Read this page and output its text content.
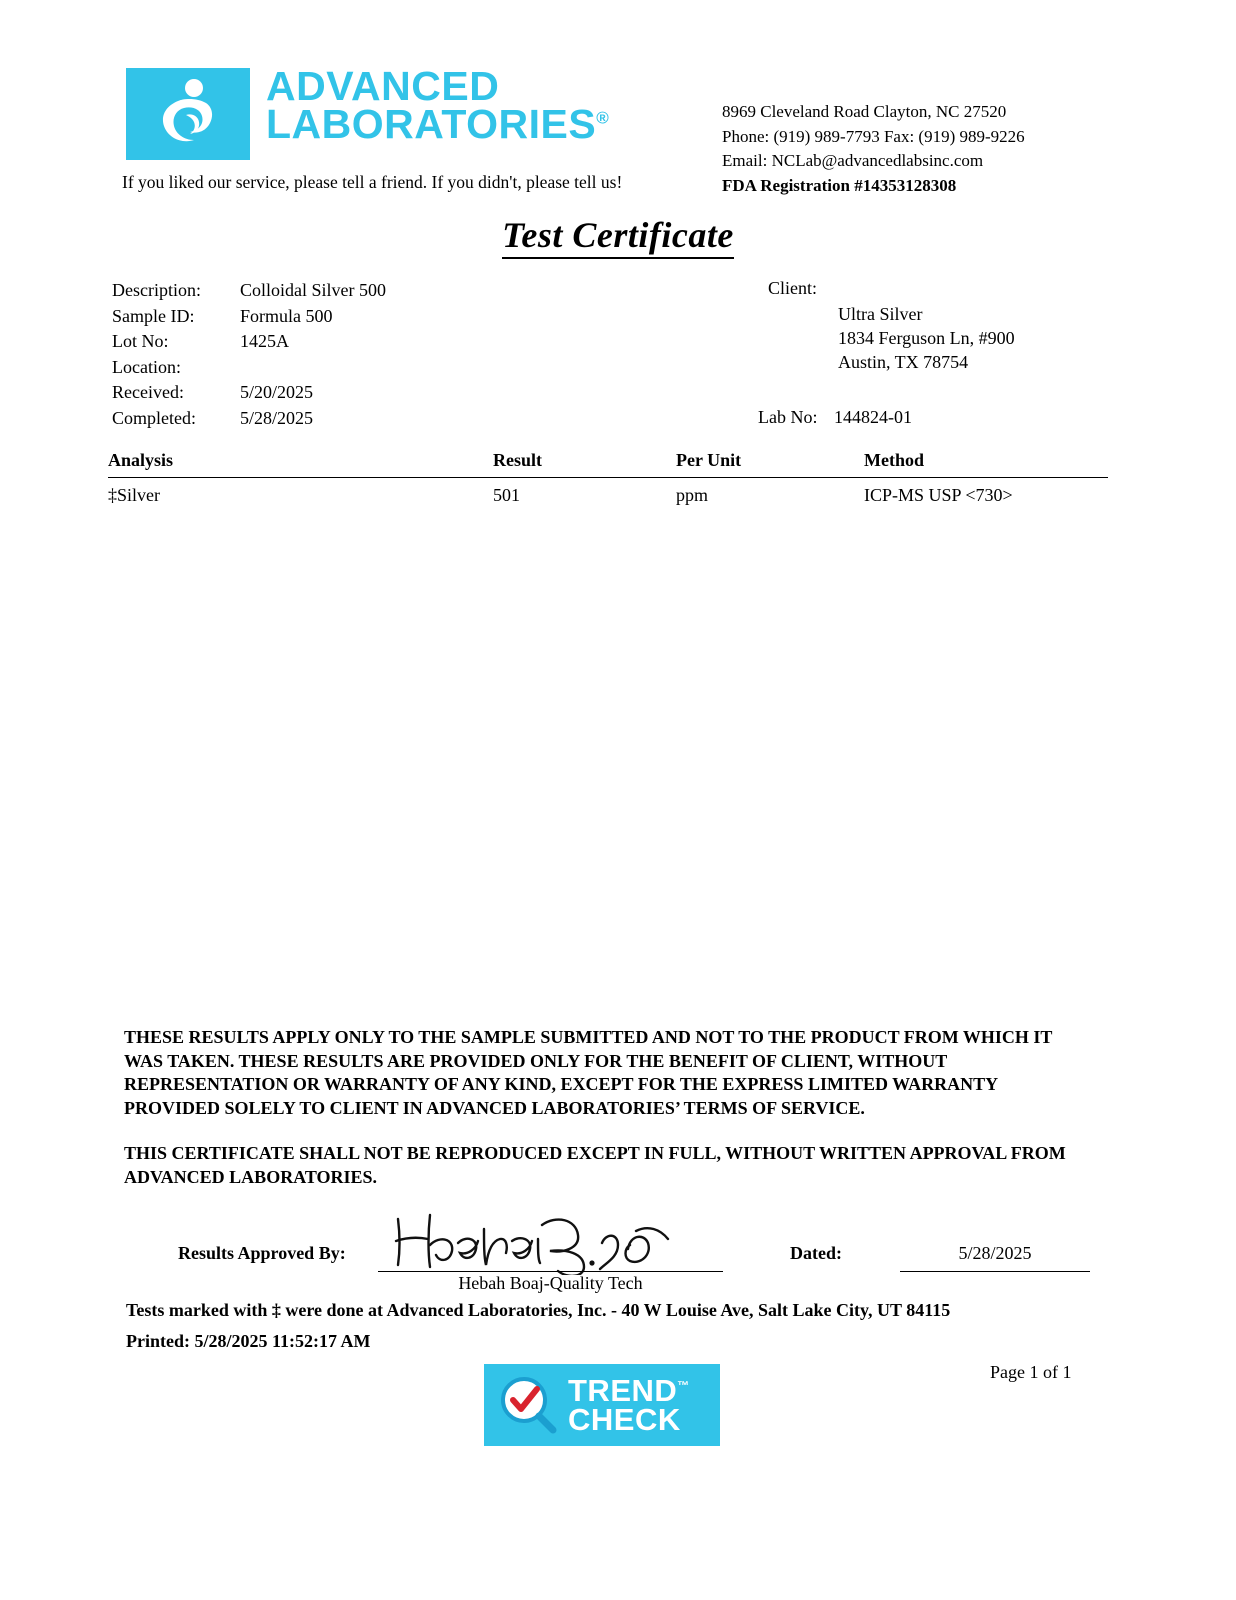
ADVANCED
LABORATORIES®
If you liked our service, please tell a friend. If you didn't, please tell us!
8969 Cleveland Road Clayton, NC 27520
Phone: (919) 989-7793 Fax: (919) 989-9226
Email: NCLab@advancedlabsinc.com
FDA Registration #14353128308
Test Certificate
Description:	Colloidal Silver 500
Sample ID:	Formula 500
Lot No:	1425A
Location:
Received:	5/20/2025
Completed:	5/28/2025
Client:
Ultra Silver
1834 Ferguson Ln, #900
Austin, TX 78754
Lab No: 144824-01
Analysis	Result	Per Unit	Method
‡Silver	501	ppm	ICP-MS USP <730>

THESE RESULTS APPLY ONLY TO THE SAMPLE SUBMITTED AND NOT TO THE PRODUCT FROM WHICH IT WAS TAKEN. THESE RESULTS ARE PROVIDED ONLY FOR THE BENEFIT OF CLIENT, WITHOUT REPRESENTATION OR WARRANTY OF ANY KIND, EXCEPT FOR THE EXPRESS LIMITED WARRANTY PROVIDED SOLELY TO CLIENT IN ADVANCED LABORATORIES’ TERMS OF SERVICE.

THIS CERTIFICATE SHALL NOT BE REPRODUCED EXCEPT IN FULL, WITHOUT WRITTEN APPROVAL FROM ADVANCED LABORATORIES.

Results Approved By:
Hebah Boaj-Quality Tech
Dated:	5/28/2025
Tests marked with ‡ were done at Advanced Laboratories, Inc. - 40 W Louise Ave, Salt Lake City, UT 84115
Printed: 5/28/2025 11:52:17 AM
Page 1 of 1
TREND™
CHECK
